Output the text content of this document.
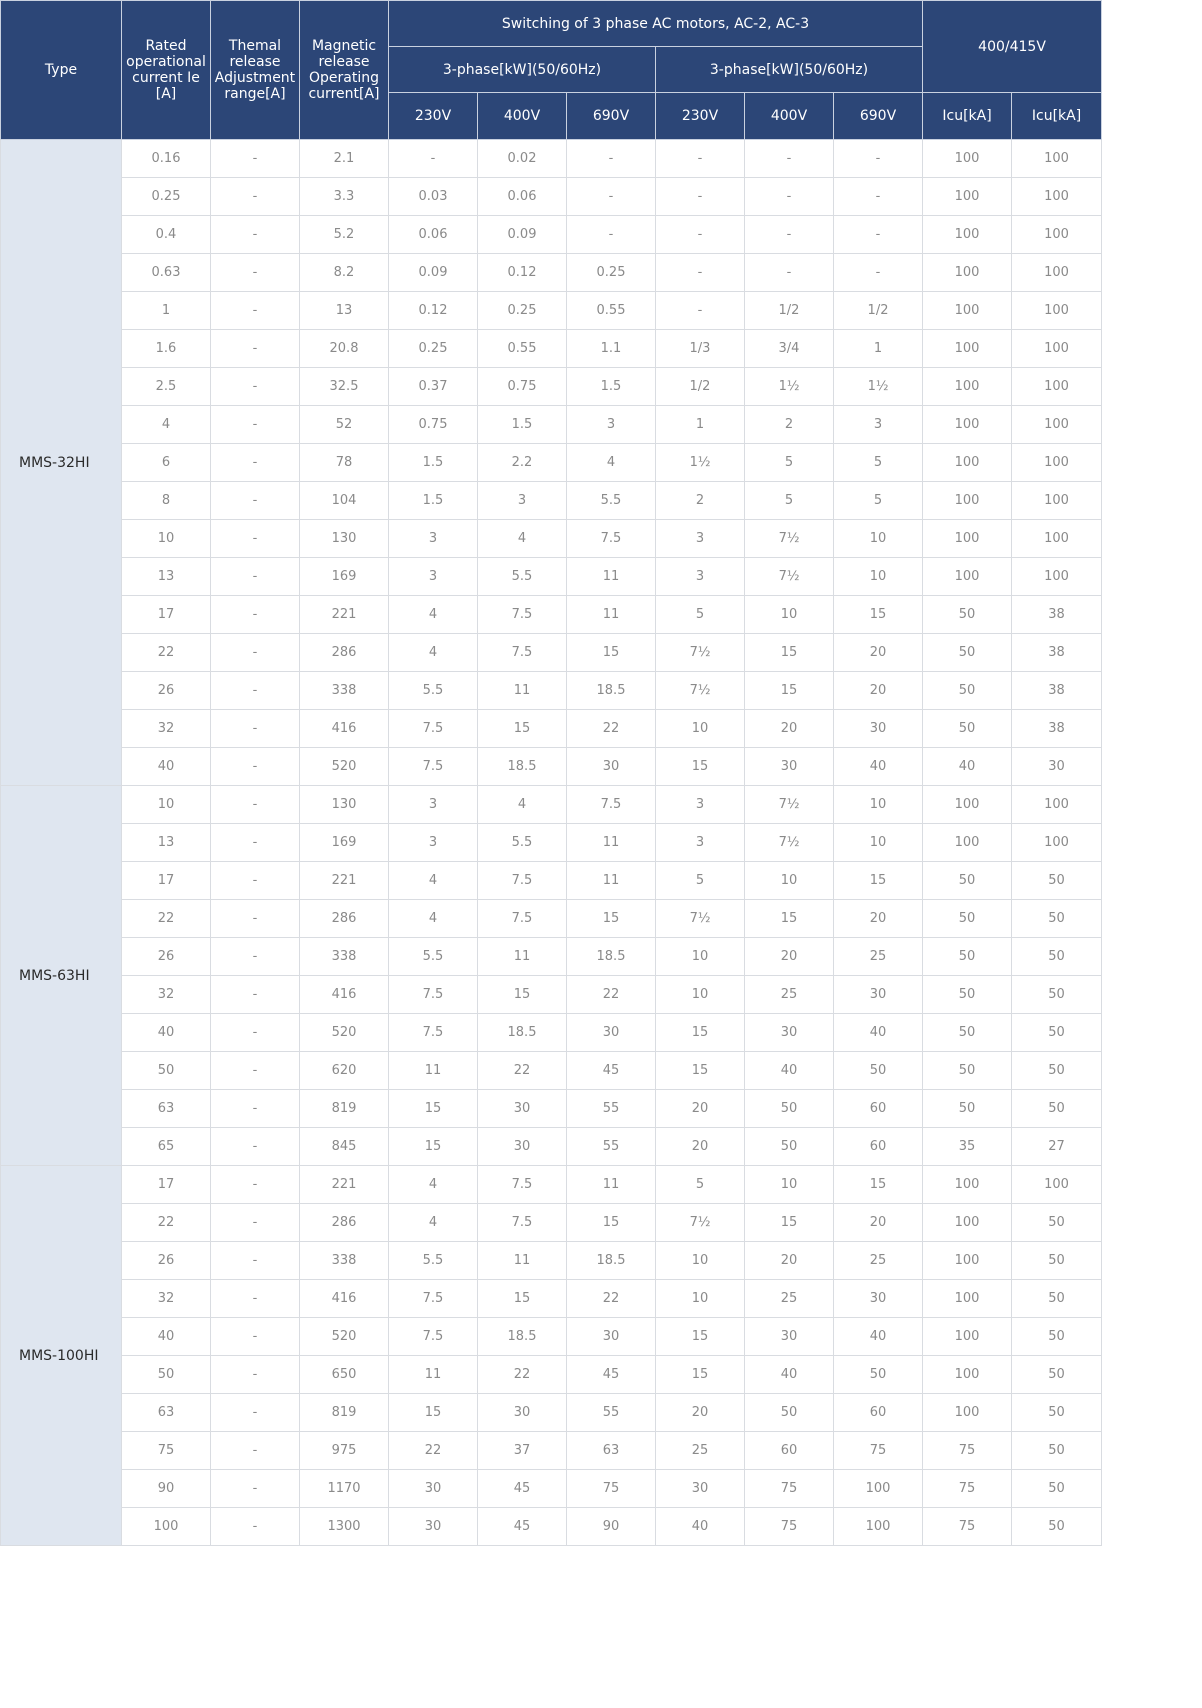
Type	Rated operational current Ie [A]	Themal release Adjustment range[A]	Magnetic release Operating current[A]	Switching of 3 phase AC motors, AC-2, AC-3						400/415V	
				3-phase[kW](50/60Hz)			3-phase[kW](50/60Hz)				
				230V	400V	690V	230V	400V	690V	Icu[kA]	Icu[kA]
MMS-32HI	0.16	-	2.1	-	0.02	-	-	-	-	100	100
	0.25	-	3.3	0.03	0.06	-	-	-	-	100	100
	0.4	-	5.2	0.06	0.09	-	-	-	-	100	100
	0.63	-	8.2	0.09	0.12	0.25	-	-	-	100	100
	1	-	13	0.12	0.25	0.55	-	1/2	1/2	100	100
	1.6	-	20.8	0.25	0.55	1.1	1/3	3/4	1	100	100
	2.5	-	32.5	0.37	0.75	1.5	1/2	1½	1½	100	100
	4	-	52	0.75	1.5	3	1	2	3	100	100
	6	-	78	1.5	2.2	4	1½	5	5	100	100
	8	-	104	1.5	3	5.5	2	5	5	100	100
	10	-	130	3	4	7.5	3	7½	10	100	100
	13	-	169	3	5.5	11	3	7½	10	100	100
	17	-	221	4	7.5	11	5	10	15	50	38
	22	-	286	4	7.5	15	7½	15	20	50	38
	26	-	338	5.5	11	18.5	7½	15	20	50	38
	32	-	416	7.5	15	22	10	20	30	50	38
	40	-	520	7.5	18.5	30	15	30	40	40	30
MMS-63HI	10	-	130	3	4	7.5	3	7½	10	100	100
	13	-	169	3	5.5	11	3	7½	10	100	100
	17	-	221	4	7.5	11	5	10	15	50	50
	22	-	286	4	7.5	15	7½	15	20	50	50
	26	-	338	5.5	11	18.5	10	20	25	50	50
	32	-	416	7.5	15	22	10	25	30	50	50
	40	-	520	7.5	18.5	30	15	30	40	50	50
	50	-	620	11	22	45	15	40	50	50	50
	63	-	819	15	30	55	20	50	60	50	50
	65	-	845	15	30	55	20	50	60	35	27
MMS-100HI	17	-	221	4	7.5	11	5	10	15	100	100
	22	-	286	4	7.5	15	7½	15	20	100	50
	26	-	338	5.5	11	18.5	10	20	25	100	50
	32	-	416	7.5	15	22	10	25	30	100	50
	40	-	520	7.5	18.5	30	15	30	40	100	50
	50	-	650	11	22	45	15	40	50	100	50
	63	-	819	15	30	55	20	50	60	100	50
	75	-	975	22	37	63	25	60	75	75	50
	90	-	1170	30	45	75	30	75	100	75	50
	100	-	1300	30	45	90	40	75	100	75	50
